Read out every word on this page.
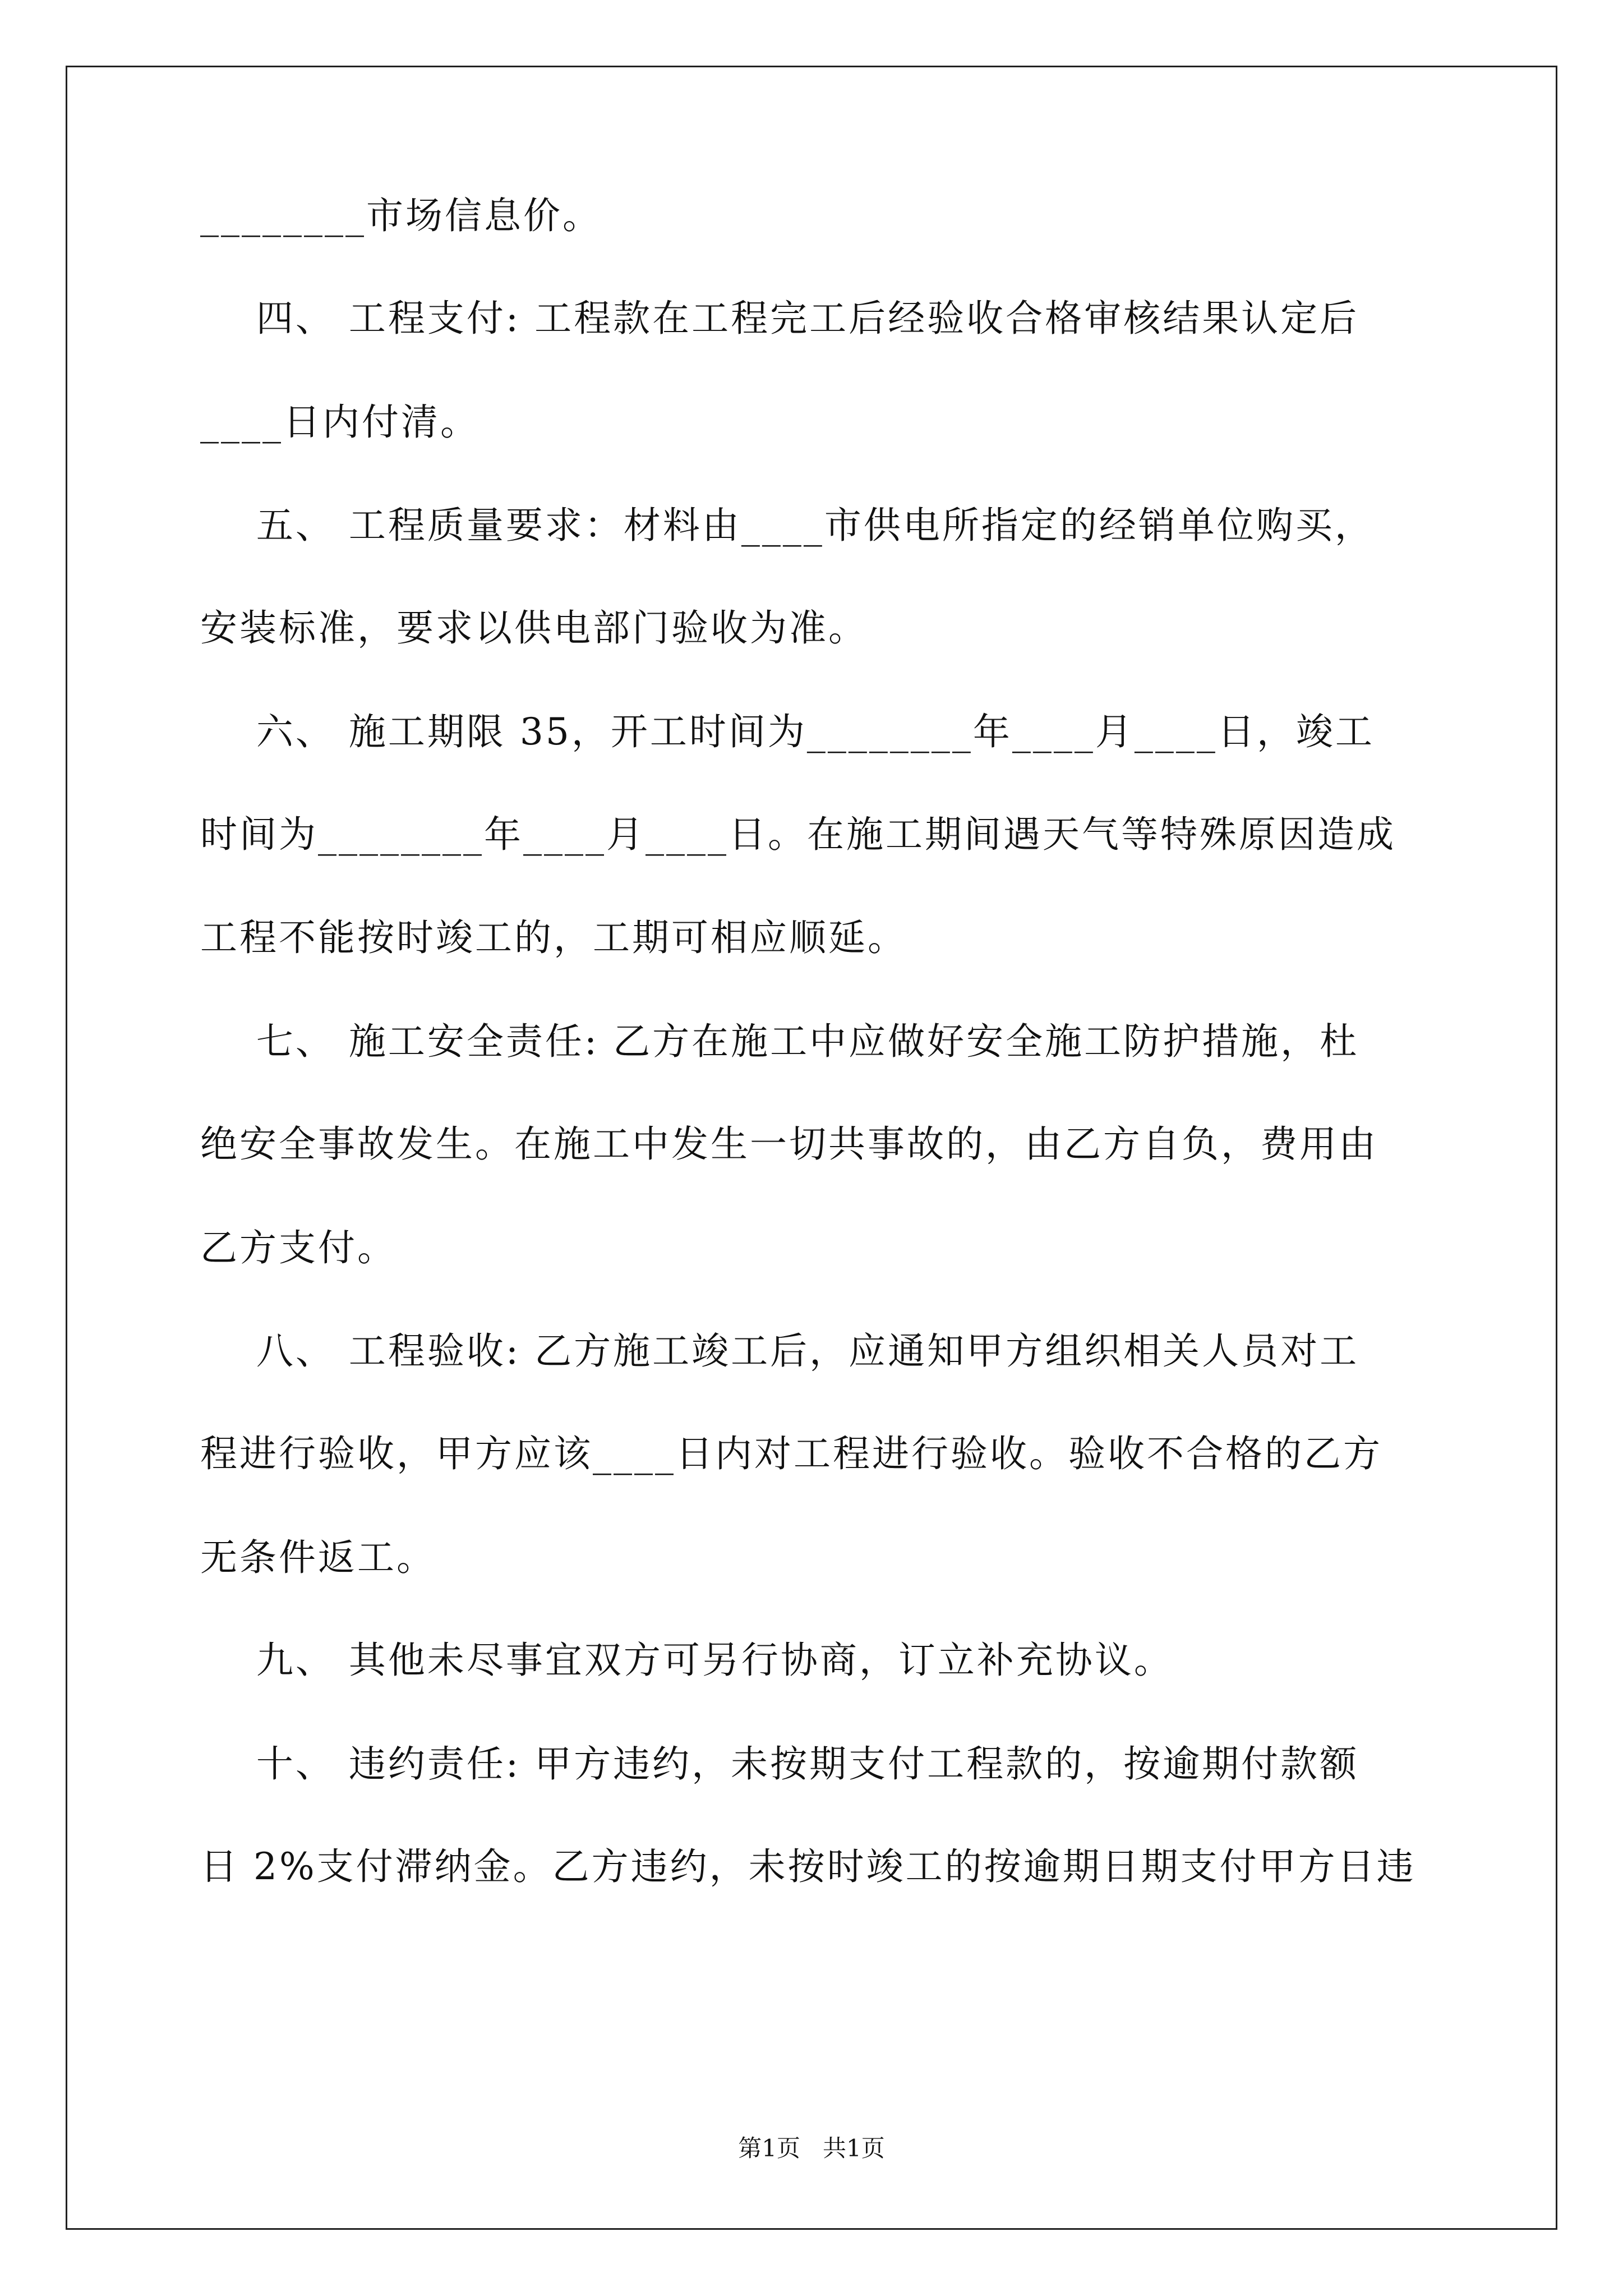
________市场信息价。
四、 工程支付: 工程款在工程完工后经验收合格审核结果认定后
____日内付清。
五、 工程质量要求：材料由____市供电所指定的经销单位购买，
安装标准，要求以供电部门验收为准。
六、 施工期限 35，开工时间为________年____月____日，竣工
时间为________年____月____日。在施工期间遇天气等特殊原因造成
工程不能按时竣工的，工期可相应顺延。
七、 施工安全责任: 乙方在施工中应做好安全施工防护措施，杜
绝安全事故发生。在施工中发生一切共事故的，由乙方自负，费用由
乙方支付。
八、 工程验收: 乙方施工竣工后，应通知甲方组织相关人员对工
程进行验收，甲方应该____日内对工程进行验收。验收不合格的乙方
无条件返工。
九、 其他未尽事宜双方可另行协商，订立补充协议。
十、 违约责任: 甲方违约，未按期支付工程款的，按逾期付款额
日 2%支付滞纳金。乙方违约，未按时竣工的按逾期日期支付甲方日违
第1页   共1页
